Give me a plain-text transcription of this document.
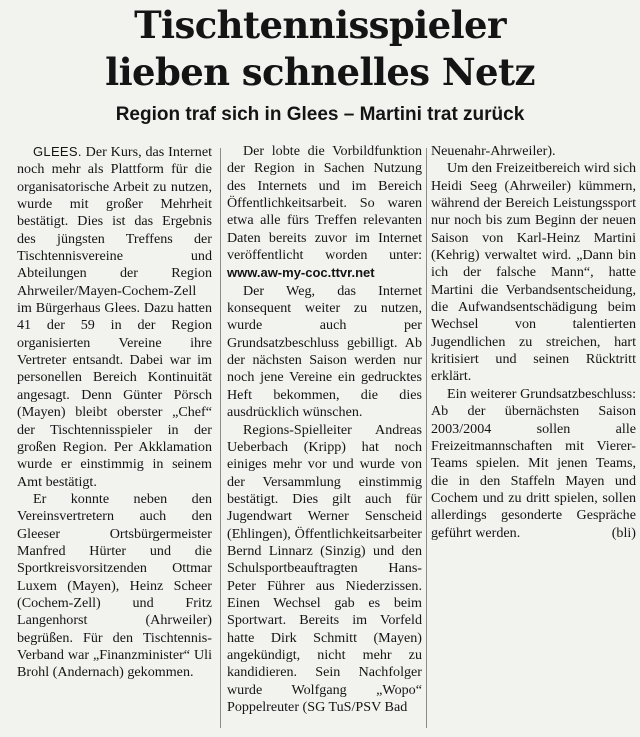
Tischtennisspieler
lieben schnelles Netz
Region traf sich in Glees – Martini trat zurück

GLEES. Der Kurs, das Internet noch mehr als Plattform für die organisatorische Arbeit zu nutzen, wurde mit großer Mehrheit bestätigt. Dies ist das Ergebnis des jüngsten Treffens der Tischtennisvereine und Abteilungen der Region Ahrweiler/Mayen-Cochem-Zell im Bürgerhaus Glees. Dazu hatten 41 der 59 in der Region organisierten Vereine ihre Vertreter entsandt. Dabei war im personellen Bereich Kontinuität angesagt. Denn Günter Pörsch (Mayen) bleibt oberster „Chef“ der Tischtennisspieler in der großen Region. Per Akklamation wurde er einstimmig in seinem Amt bestätigt.

Er konnte neben den Vereinsvertretern auch den Gleeser Ortsbürgermeister Manfred Hürter und die Sportkreisvorsitzenden Ottmar Luxem (Mayen), Heinz Scheer (Cochem-Zell) und Fritz Langenhorst (Ahrweiler) begrüßen. Für den Tischtennis-Verband war „Finanzminister“ Uli Brohl (Andernach) gekommen.

Der lobte die Vorbildfunktion der Region in Sachen Nutzung des Internets und im Bereich Öffentlichkeitsarbeit. So waren etwa alle fürs Treffen relevanten Daten bereits zuvor im Internet veröffentlicht worden unter: www.aw-my-coc.ttvr.net

Der Weg, das Internet konsequent weiter zu nutzen, wurde auch per Grundsatzbeschluss gebilligt. Ab der nächsten Saison werden nur noch jene Vereine ein gedrucktes Heft bekommen, die dies ausdrücklich wünschen.

Regions-Spielleiter Andreas Ueberbach (Kripp) hat noch einiges mehr vor und wurde von der Versammlung einstimmig bestätigt. Dies gilt auch für Jugendwart Werner Senscheid (Ehlingen), Öffentlichkeitsarbeiter Bernd Linnarz (Sinzig) und den Schulsportbeauftragten Hans-Peter Führer aus Niederzissen. Einen Wechsel gab es beim Sportwart. Bereits im Vorfeld hatte Dirk Schmitt (Mayen) angekündigt, nicht mehr zu kandidieren. Sein Nachfolger wurde Wolfgang „Wopo“ Poppelreuter (SG TuS/PSV Bad

Neuenahr-Ahrweiler).

Um den Freizeitbereich wird sich Heidi Seeg (Ahrweiler) kümmern, während der Bereich Leistungssport nur noch bis zum Beginn der neuen Saison von Karl-Heinz Martini (Kehrig) verwaltet wird. „Dann bin ich der falsche Mann“, hatte Martini die Verbandsentscheidung, die Aufwandsentschädigung beim Wechsel von talentierten Jugendlichen zu streichen, hart kritisiert und seinen Rücktritt erklärt.

Ein weiterer Grundsatzbeschluss: Ab der übernächsten Saison 2003/2004 sollen alle Freizeitmannschaften mit Vierer-Teams spielen. Mit jenen Teams, die in den Staffeln Mayen und Cochem und zu dritt spielen, sollen allerdings gesonderte Gespräche geführt werden.	(bli)
